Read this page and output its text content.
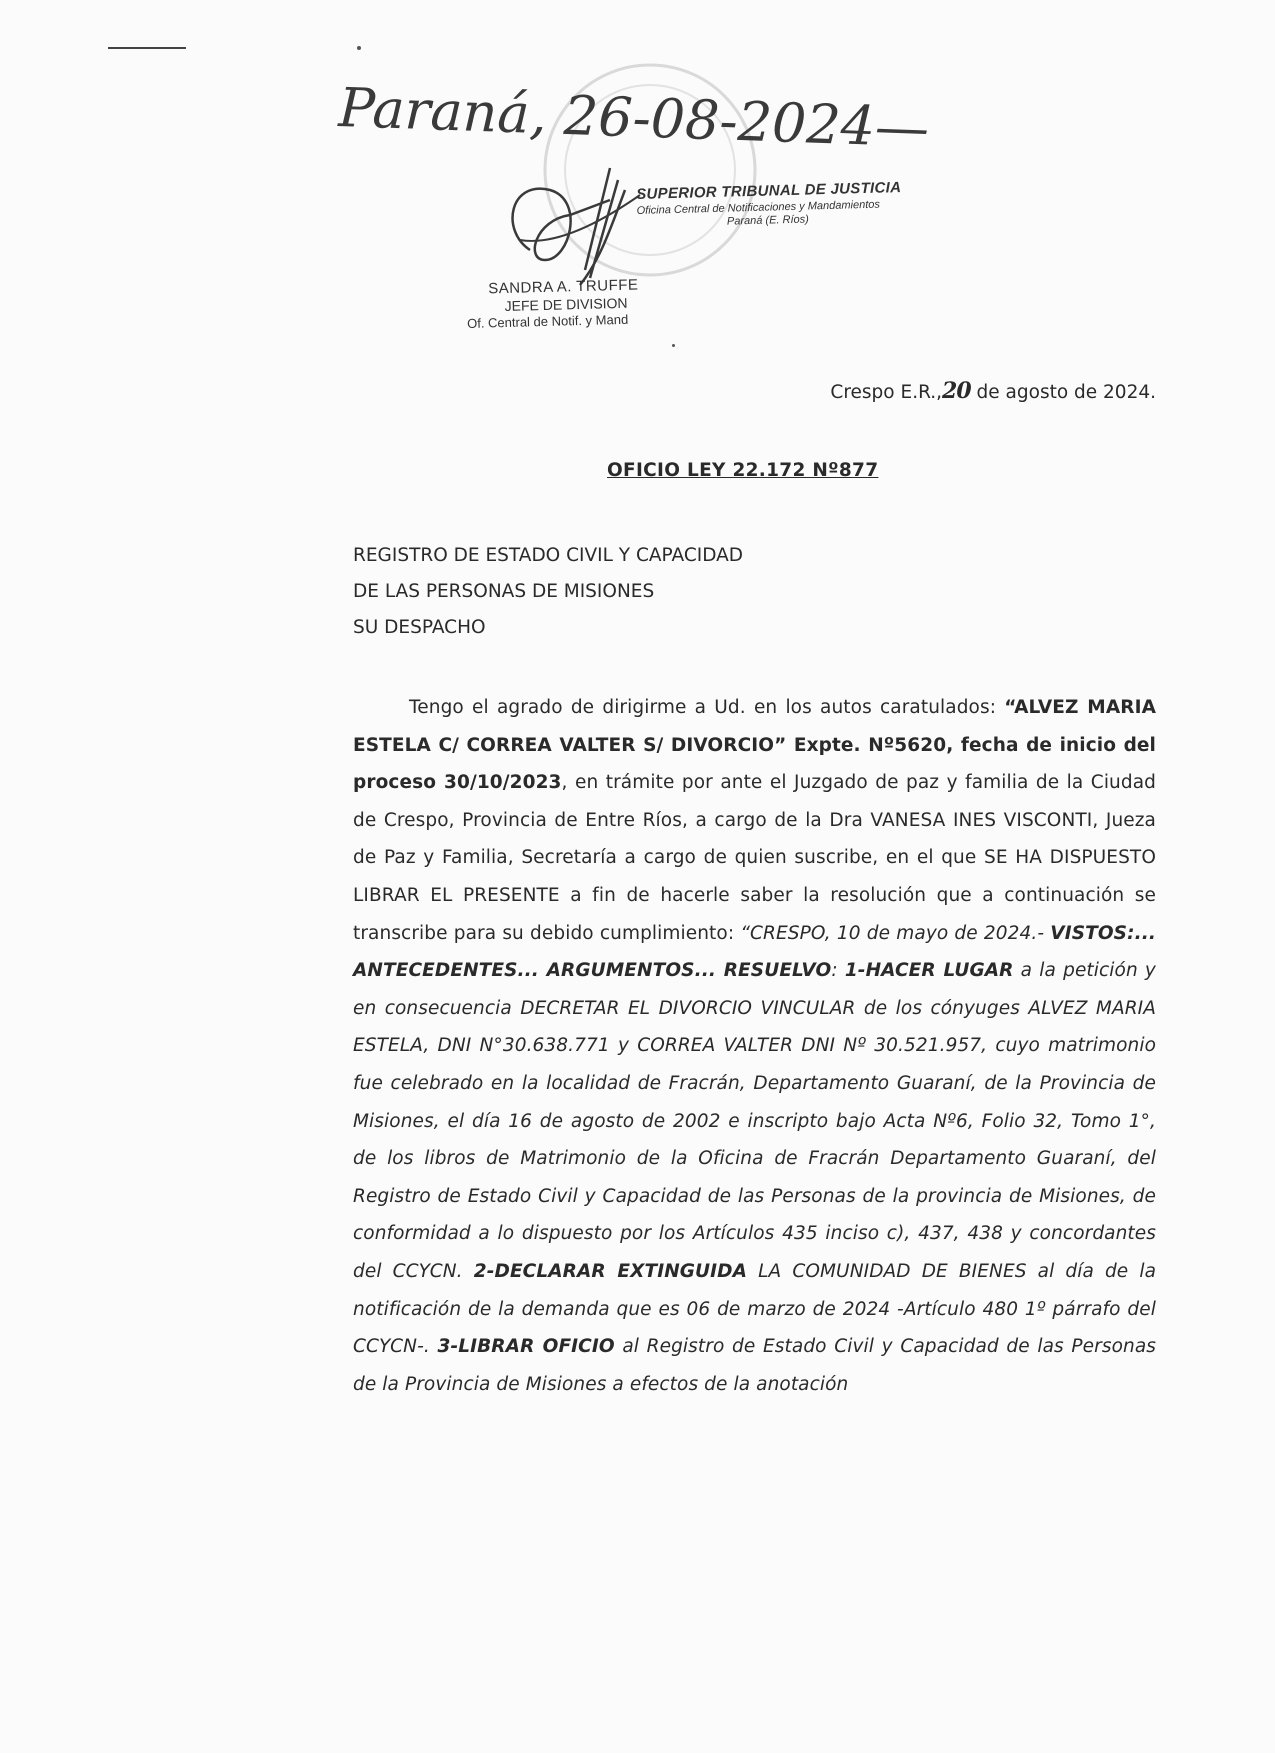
Paraná, 26-08-2024—
SUPERIOR TRIBUNAL DE JUSTICIA
Oficina Central de Notificaciones y Mandamientos
Paraná (E. Ríos)
SANDRA A. TRUFFE
JEFE DE DIVISION
Of. Central de Notif. y Mand
Crespo E.R.,20 de agosto de 2024.
OFICIO LEY 22.172 Nº877
REGISTRO DE ESTADO CIVIL Y CAPACIDAD
DE LAS PERSONAS DE MISIONES
SU DESPACHO
Tengo el agrado de dirigirme a Ud. en los autos caratulados: “ALVEZ MARIA ESTELA C/ CORREA VALTER S/ DIVORCIO” Expte. Nº5620, fecha de inicio del proceso 30/10/2023, en trámite por ante el Juzgado de paz y familia de la Ciudad de Crespo, Provincia de Entre Ríos, a cargo de la Dra VANESA INES VISCONTI, Jueza de Paz y Familia, Secretaría a cargo de quien suscribe, en el que SE HA DISPUESTO LIBRAR EL PRESENTE a fin de hacerle saber la resolución que a continuación se transcribe para su debido cumplimiento: “CRESPO, 10 de mayo de 2024.- VISTOS:... ANTECEDENTES... ARGUMENTOS... RESUELVO: 1-HACER LUGAR a la petición y en consecuencia DECRETAR EL DIVORCIO VINCULAR de los cónyuges ALVEZ MARIA ESTELA, DNI N°30.638.771 y CORREA VALTER DNI Nº 30.521.957, cuyo matrimonio fue celebrado en la localidad de Fracrán, Departamento Guaraní, de la Provincia de Misiones, el día 16 de agosto de 2002 e inscripto bajo Acta Nº6, Folio 32, Tomo 1°, de los libros de Matrimonio de la Oficina de Fracrán Departamento Guaraní, del Registro de Estado Civil y Capacidad de las Personas de la provincia de Misiones, de conformidad a lo dispuesto por los Artículos 435 inciso c), 437, 438 y concordantes del CCYCN. 2-DECLARAR EXTINGUIDA LA COMUNIDAD DE BIENES al día de la notificación de la demanda que es 06 de marzo de 2024 -Artículo 480 1º párrafo del CCYCN-. 3-LIBRAR OFICIO al Registro de Estado Civil y Capacidad de las Personas de la Provincia de Misiones a efectos de la anotación
